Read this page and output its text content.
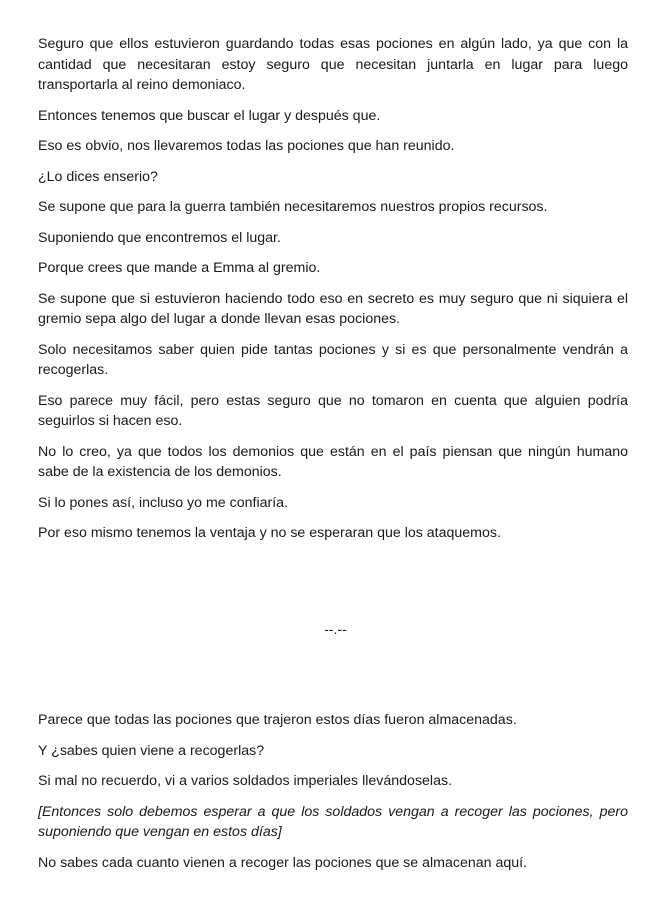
Seguro que ellos estuvieron guardando todas esas pociones en algún lado, ya que con la cantidad que necesitaran estoy seguro que necesitan juntarla en lugar para luego transportarla al reino demoniaco.

Entonces tenemos que buscar el lugar y después que.

Eso es obvio, nos llevaremos todas las pociones que han reunido.

¿Lo dices enserio?

Se supone que para la guerra también necesitaremos nuestros propios recursos.

Suponiendo que encontremos el lugar.

Porque crees que mande a Emma al gremio.

Se supone que si estuvieron haciendo todo eso en secreto es muy seguro que ni siquiera el gremio sepa algo del lugar a donde llevan esas pociones.

Solo necesitamos saber quien pide tantas pociones y si es que personalmente vendrán a recogerlas.

Eso parece muy fácil, pero estas seguro que no tomaron en cuenta que alguien podría seguirlos si hacen eso.

No lo creo, ya que todos los demonios que están en el país piensan que ningún humano sabe de la existencia de los demonios.

Si lo pones así, incluso yo me confiaría.

Por eso mismo tenemos la ventaja y no se esperaran que los ataquemos.

--.--

Parece que todas las pociones que trajeron estos días fueron almacenadas.

Y ¿sabes quien viene a recogerlas?

Si mal no recuerdo, vi a varios soldados imperiales llevándoselas.

[Entonces solo debemos esperar a que los soldados vengan a recoger las pociones, pero suponiendo que vengan en estos días]

No sabes cada cuanto vienen a recoger las pociones que se almacenan aquí.
